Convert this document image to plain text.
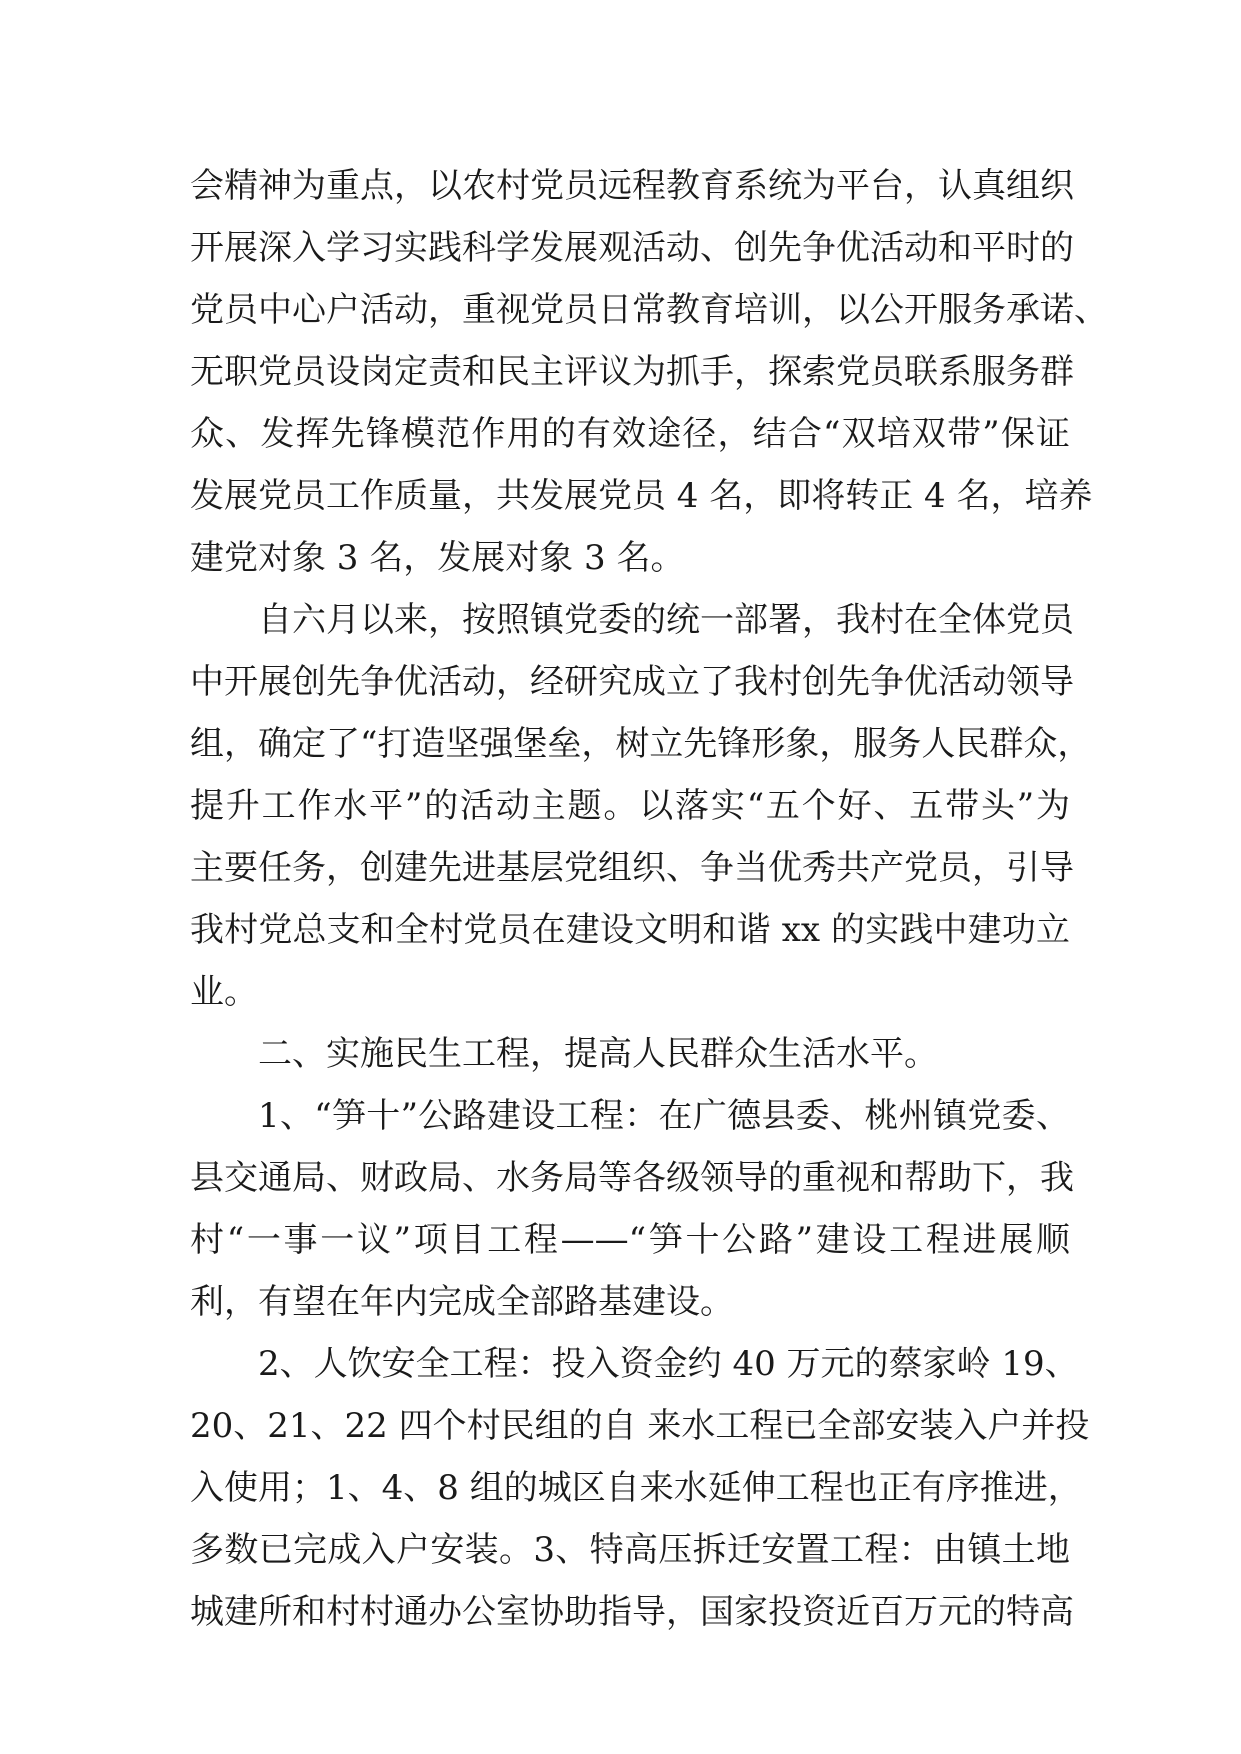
会精神为重点，以农村党员远程教育系统为平台，认真组织
开展深入学习实践科学发展观活动、创先争优活动和平时的
党员中心户活动，重视党员日常教育培训，以公开服务承诺、
无职党员设岗定责和民主评议为抓手，探索党员联系服务群
众、发挥先锋模范作用的有效途径，结合“双培双带”保证
发展党员工作质量，共发展党员 4 名，即将转正 4 名，培养
建党对象 3 名，发展对象 3 名。
自六月以来，按照镇党委的统一部署，我村在全体党员
中开展创先争优活动，经研究成立了我村创先争优活动领导
组，确定了“打造坚强堡垒，树立先锋形象，服务人民群众，
提升工作水平”的活动主题。以落实“五个好、五带头”为
主要任务，创建先进基层党组织、争当优秀共产党员，引导
我村党总支和全村党员在建设文明和谐 xx 的实践中建功立
业。
二、实施民生工程，提高人民群众生活水平。
1、“笋十”公路建设工程：在广德县委、桃州镇党委、
县交通局、财政局、水务局等各级领导的重视和帮助下，我
村“一事一议”项目工程——“笋十公路”建设工程进展顺
利，有望在年内完成全部路基建设。
2、人饮安全工程：投入资金约 40 万元的蔡家岭 19、
20、21、22 四个村民组的自 来水工程已全部安装入户并投
入使用；1、4、8 组的城区自来水延伸工程也正有序推进，
多数已完成入户安装。3、特高压拆迁安置工程：由镇土地
城建所和村村通办公室协助指导，国家投资近百万元的特高
